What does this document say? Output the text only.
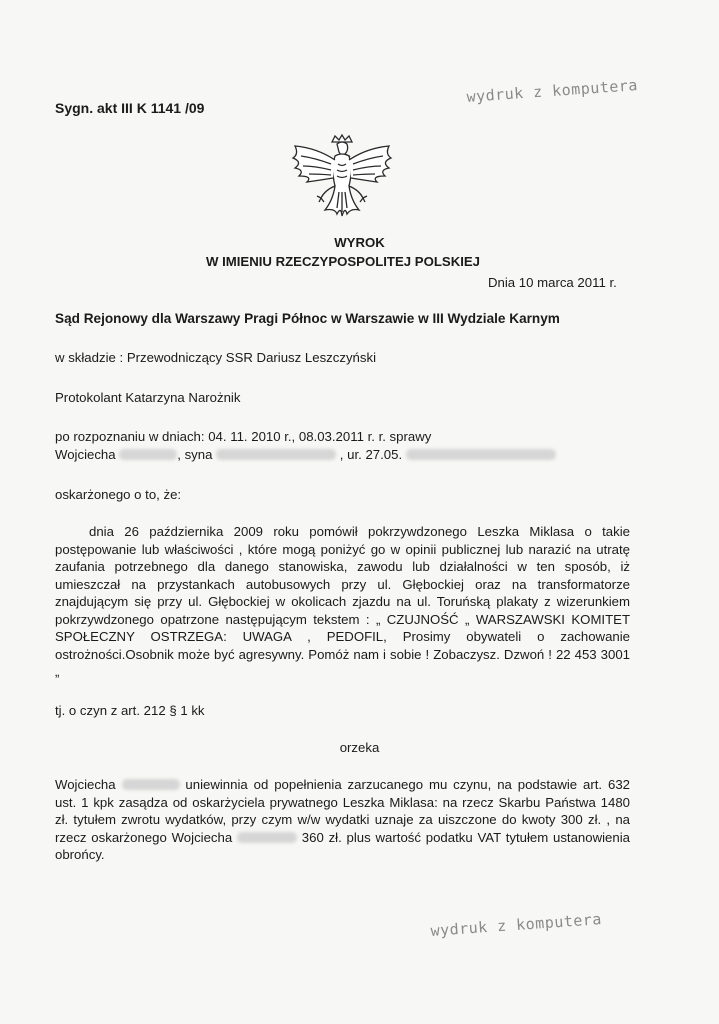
wydruk z komputera
Sygn. akt III K 1141 /09
WYROK
W IMIENIU RZECZYPOSPOLITEJ POLSKIEJ
Dnia 10 marca 2011 r.
Sąd Rejonowy dla Warszawy Pragi Północ w Warszawie w III Wydziale Karnym
w składzie : Przewodniczący SSR Dariusz Leszczyński
Protokolant Katarzyna Narożnik
po rozpoznaniu w dniach: 04. 11. 2010 r., 08.03.2011 r. r. sprawy
Wojciecha	, syna	, ur. 27.05.
oskarżonego o to, że:
dnia 26 października 2009 roku pomówił pokrzywdzonego Leszka Miklasa o takie postępowanie lub właściwości , które mogą poniżyć go w opinii publicznej lub narazić na utratę zaufania potrzebnego dla danego stanowiska, zawodu lub działalności w ten sposób, iż umieszczał na przystankach autobusowych przy ul. Głębockiej oraz na transformatorze znajdującym się przy ul. Głębockiej w okolicach zjazdu na ul. Toruńską plakaty z wizerunkiem pokrzywdzonego opatrzone następującym tekstem : „ CZUJNOŚĆ „ WARSZAWSKI KOMITET SPOŁECZNY OSTRZEGA: UWAGA , PEDOFIL, Prosimy obywateli o zachowanie ostrożności.Osobnik może być agresywny. Pomóż nam i sobie ! Zobaczysz. Dzwoń ! 22 453 3001 „
tj. o czyn z art. 212 § 1 kk
orzeka
Wojciecha	uniewinnia od popełnienia zarzucanego mu czynu, na podstawie art. 632 ust. 1 kpk zasądza od oskarżyciela prywatnego Leszka Miklasa: na rzecz Skarbu Państwa 1480 zł. tytułem zwrotu wydatków, przy czym w/w wydatki uznaje za uiszczone do kwoty 300 zł. , na rzecz oskarżonego Wojciecha	360 zł. plus wartość podatku VAT tytułem ustanowienia obrońcy.
wydruk z komputera
